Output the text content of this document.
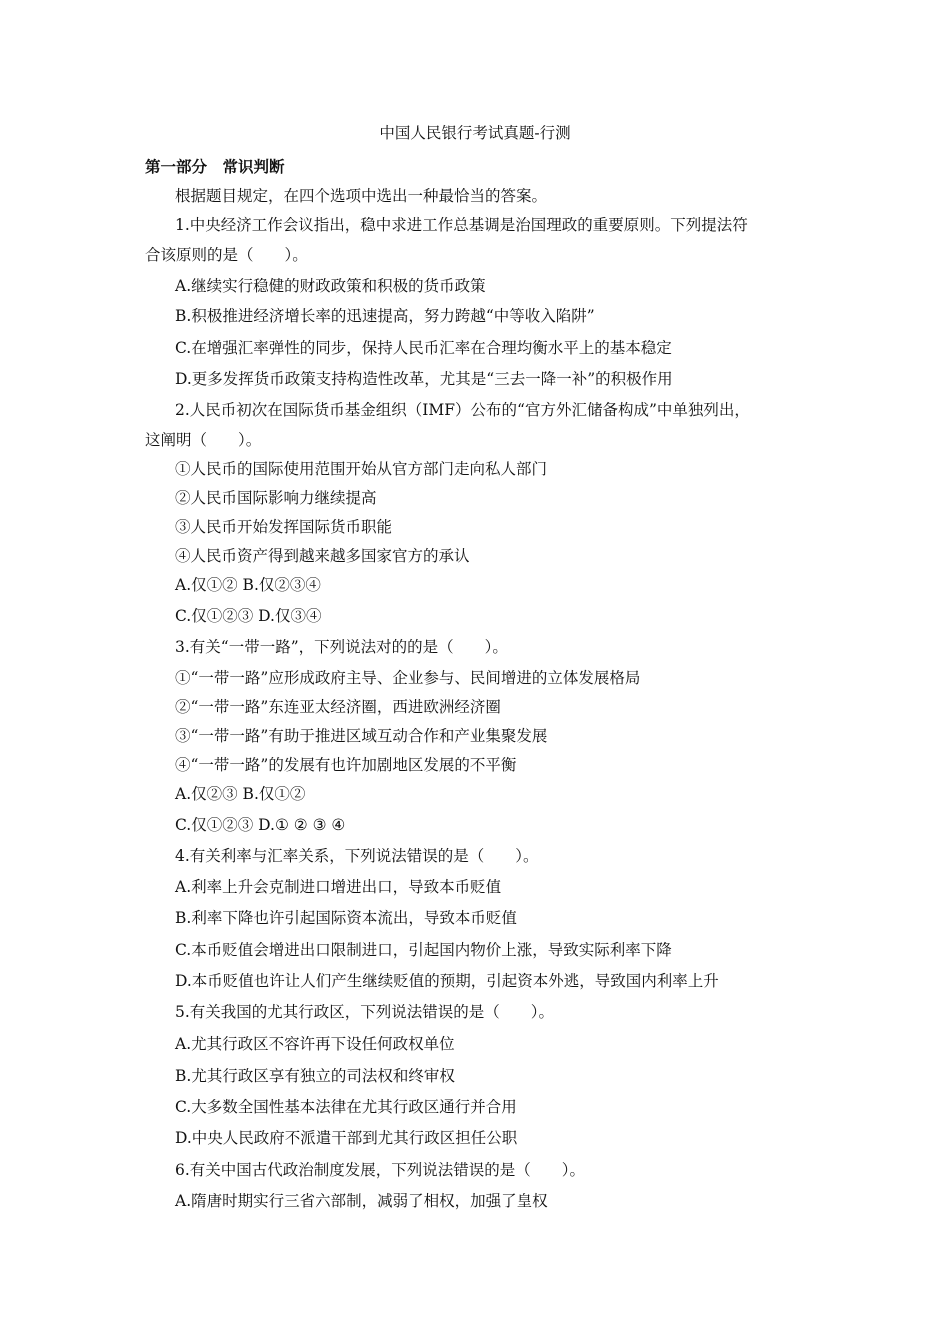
中国人民银行考试真题-行测
第一部分　常识判断
根据题目规定，在四个选项中选出一种最恰当的答案。
1.中央经济工作会议指出，稳中求进工作总基调是治国理政的重要原则。下列提法符
合该原则的是（　　）。
A.继续实行稳健的财政政策和积极的货币政策
B.积极推进经济增长率的迅速提高，努力跨越“中等收入陷阱”
C.在增强汇率弹性的同步，保持人民币汇率在合理均衡水平上的基本稳定
D.更多发挥货币政策支持构造性改革，尤其是“三去一降一补”的积极作用
2.人民币初次在国际货币基金组织（IMF）公布的“官方外汇储备构成”中单独列出，
这阐明（　　）。
①人民币的国际使用范围开始从官方部门走向私人部门
②人民币国际影响力继续提高
③人民币开始发挥国际货币职能
④人民币资产得到越来越多国家官方的承认
A.仅①② B.仅②③④
C.仅①②③ D.仅③④
3.有关“一带一路”，下列说法对的的是（　　）。
①“一带一路”应形成政府主导、企业参与、民间增进的立体发展格局
②“一带一路”东连亚太经济圈，西进欧洲经济圈
③“一带一路”有助于推进区域互动合作和产业集聚发展
④“一带一路”的发展有也许加剧地区发展的不平衡
A.仅②③ B.仅①②
C.仅①②③ D.① ② ③ ④
4.有关利率与汇率关系，下列说法错误的是（　　）。
A.利率上升会克制进口增进出口，导致本币贬值
B.利率下降也许引起国际资本流出，导致本币贬值
C.本币贬值会增进出口限制进口，引起国内物价上涨，导致实际利率下降
D.本币贬值也许让人们产生继续贬值的预期，引起资本外逃，导致国内利率上升
5.有关我国的尤其行政区，下列说法错误的是（　　）。
A.尤其行政区不容许再下设任何政权单位
B.尤其行政区享有独立的司法权和终审权
C.大多数全国性基本法律在尤其行政区通行并合用
D.中央人民政府不派遣干部到尤其行政区担任公职
6.有关中国古代政治制度发展，下列说法错误的是（　　）。
A.隋唐时期实行三省六部制，减弱了相权，加强了皇权
